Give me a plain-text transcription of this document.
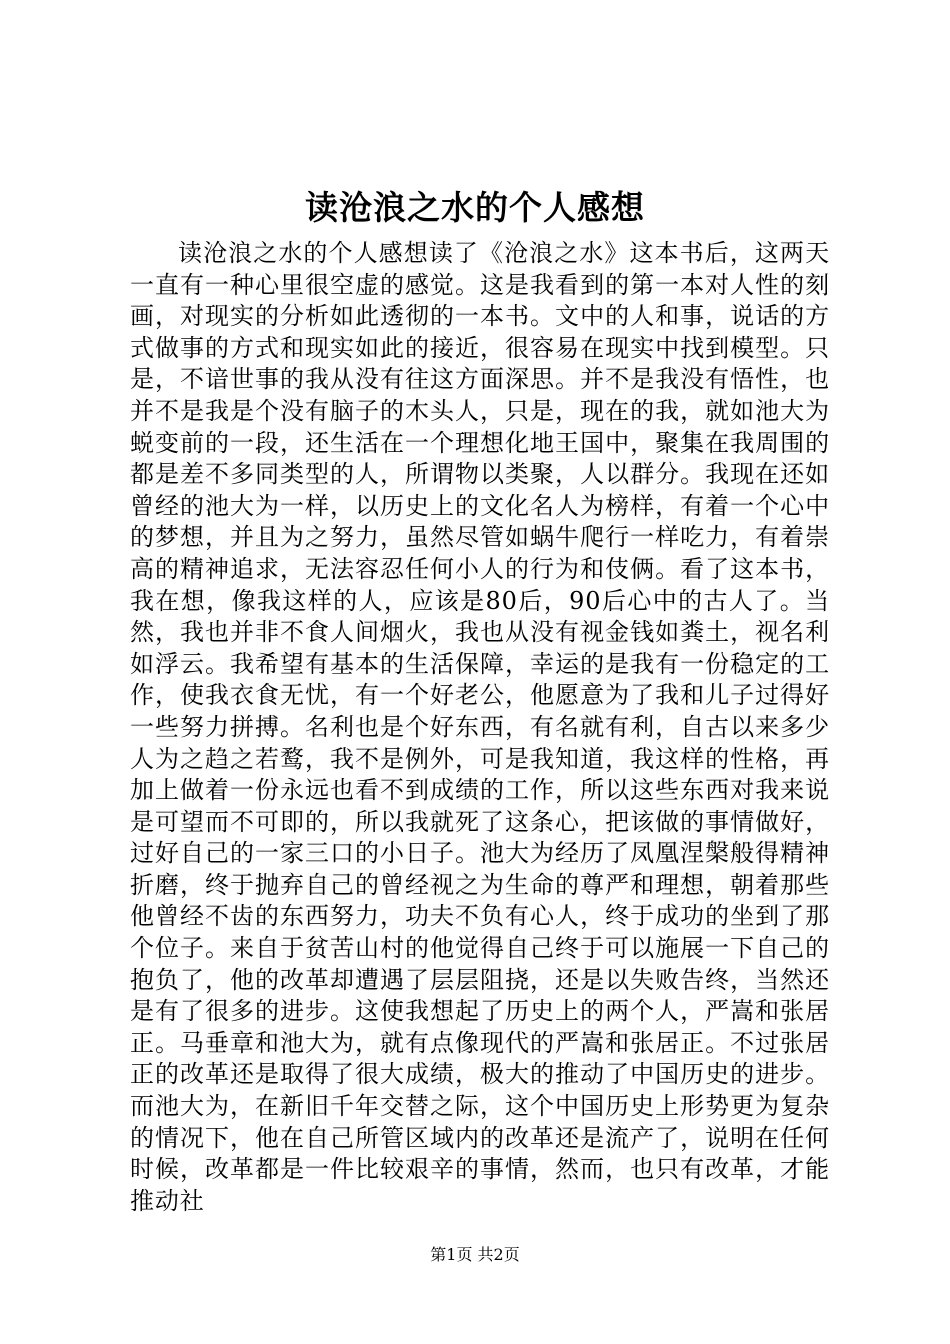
读沧浪之水的个人感想

读沧浪之水的个人感想读了《沧浪之水》这本书后，这两天一直有一种心里很空虚的感觉。这是我看到的第一本对人性的刻画，对现实的分析如此透彻的一本书。文中的人和事，说话的方式做事的方式和现实如此的接近，很容易在现实中找到模型。只是，不谙世事的我从没有往这方面深思。并不是我没有悟性，也并不是我是个没有脑子的木头人，只是，现在的我，就如池大为蜕变前的一段，还生活在一个理想化地王国中，聚集在我周围的都是差不多同类型的人，所谓物以类聚，人以群分。我现在还如曾经的池大为一样，以历史上的文化名人为榜样，有着一个心中的梦想，并且为之努力，虽然尽管如蜗牛爬行一样吃力，有着崇高的精神追求，无法容忍任何小人的行为和伎俩。看了这本书，我在想，像我这样的人，应该是80后，90后心中的古人了。当然，我也并非不食人间烟火，我也从没有视金钱如粪土，视名利如浮云。我希望有基本的生活保障，幸运的是我有一份稳定的工作，使我衣食无忧，有一个好老公，他愿意为了我和儿子过得好一些努力拼搏。名利也是个好东西，有名就有利，自古以来多少人为之趋之若鹜，我不是例外，可是我知道，我这样的性格，再加上做着一份永远也看不到成绩的工作，所以这些东西对我来说是可望而不可即的，所以我就死了这条心，把该做的事情做好，过好自己的一家三口的小日子。池大为经历了凤凰涅槃般得精神折磨，终于抛弃自己的曾经视之为生命的尊严和理想，朝着那些他曾经不齿的东西努力，功夫不负有心人，终于成功的坐到了那个位子。来自于贫苦山村的他觉得自己终于可以施展一下自己的抱负了，他的改革却遭遇了层层阻挠，还是以失败告终，当然还是有了很多的进步。这使我想起了历史上的两个人，严嵩和张居正。马垂章和池大为，就有点像现代的严嵩和张居正。不过张居正的改革还是取得了很大成绩，极大的推动了中国历史的进步。而池大为，在新旧千年交替之际，这个中国历史上形势更为复杂的情况下，他在自己所管区域内的改革还是流产了，说明在任何时候，改革都是一件比较艰辛的事情，然而，也只有改革，才能推动社

第1页 共2页
